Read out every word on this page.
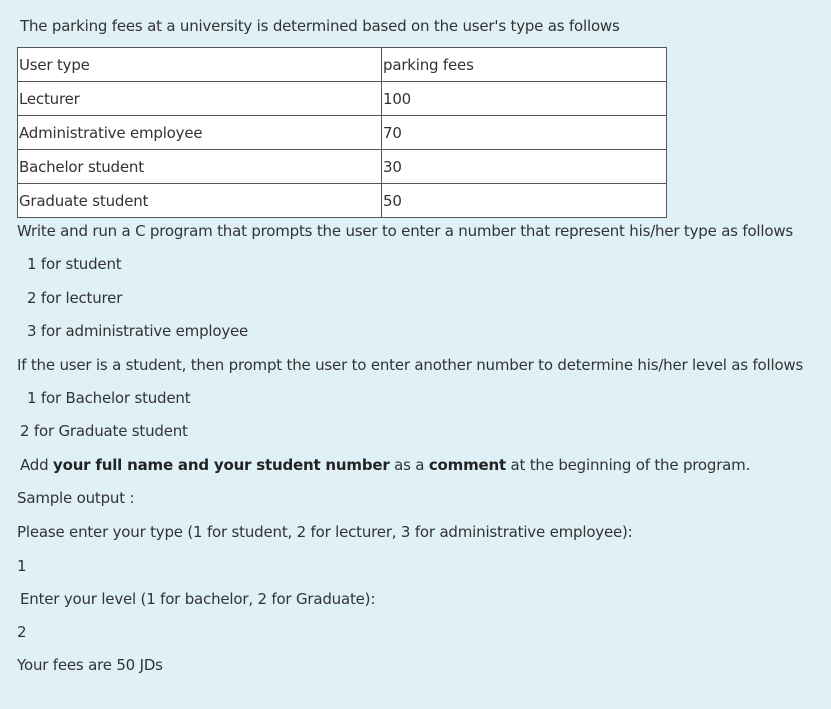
The parking fees at a university is determined based on the user's type as follows
User type	parking fees
Lecturer	100
Administrative employee	70
Bachelor student	30
Graduate student	50
Write and run a C program that prompts the user to enter a number that represent his/her type as follows
1 for student
2 for lecturer
3 for administrative employee
If the user is a student, then prompt the user to enter another number to determine his/her level as follows
1 for Bachelor student
2 for Graduate student
Add your full name and your student number as a comment at the beginning of the program.
Sample output :
Please enter your type (1 for student, 2 for lecturer, 3 for administrative employee):
1
Enter your level (1 for bachelor, 2 for Graduate):
2
Your fees are 50 JDs
